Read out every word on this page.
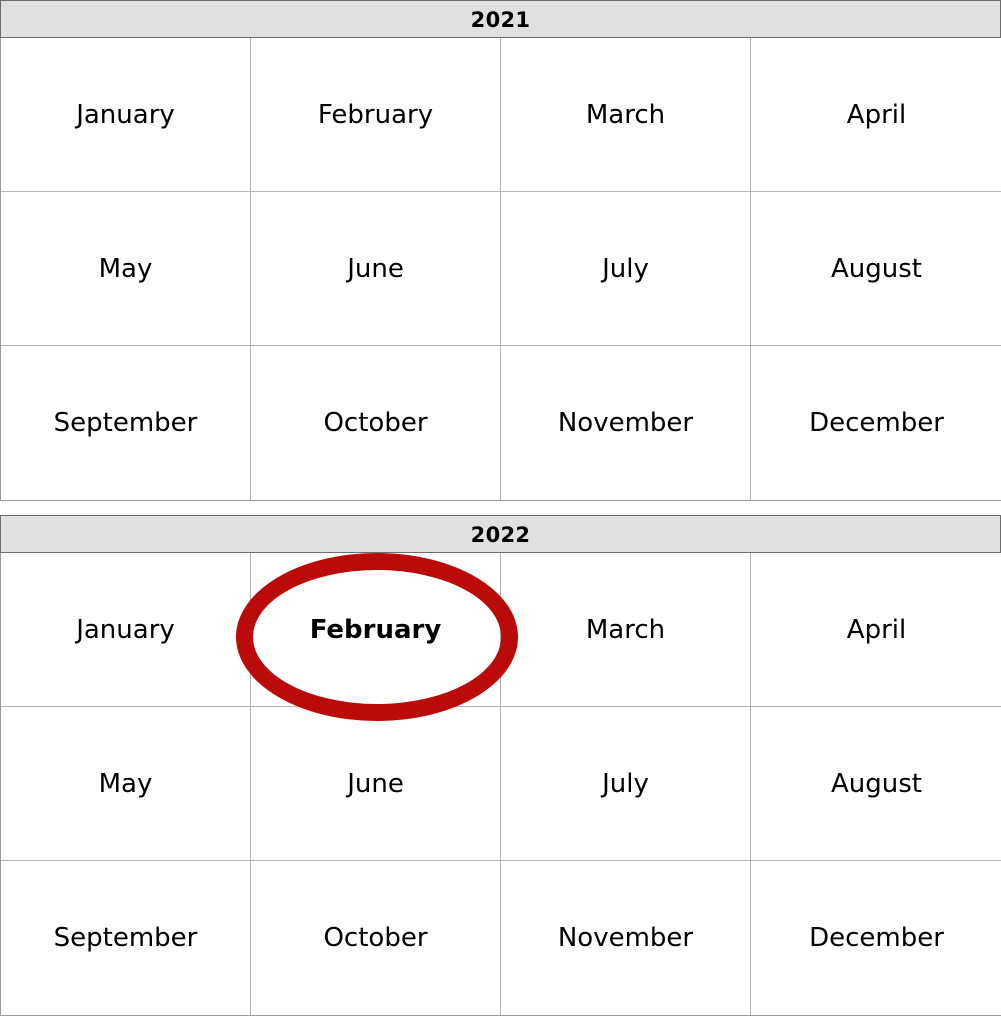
2021
January	February	March	April
May	June	July	August
September	October	November	December
2022
January	February	March	April
May	June	July	August
September	October	November	December
